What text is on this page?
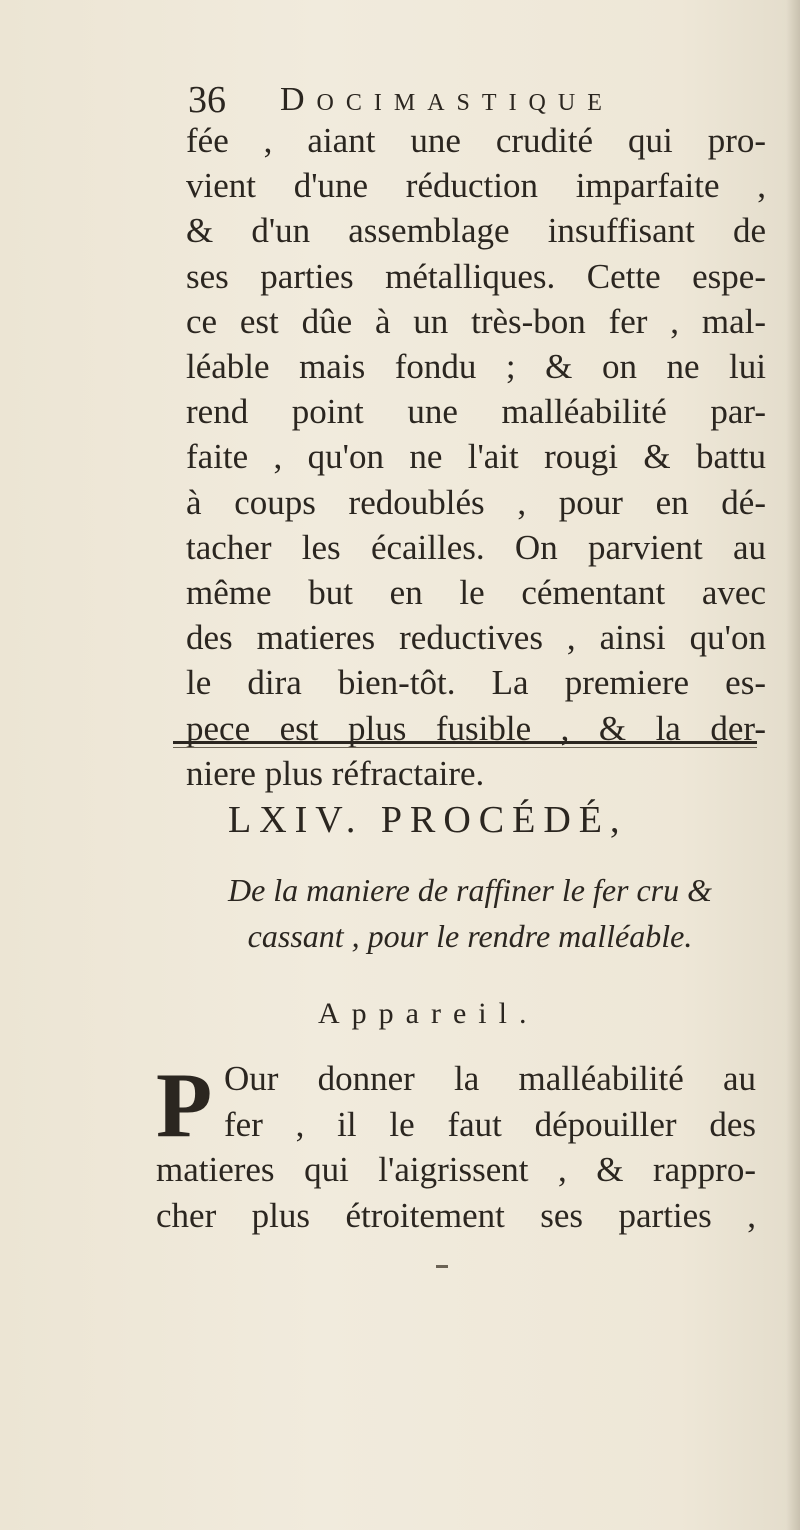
36 Docimastique
fée , aiant une crudité qui pro-
vient d'une réduction imparfaite ,
& d'un assemblage insuffisant de
ses parties métalliques. Cette espe-
ce est dûe à un très-bon fer , mal-
léable mais fondu ; & on ne lui
rend point une malléabilité par-
faite , qu'on ne l'ait rougi & battu
à coups redoublés , pour en dé-
tacher les écailles. On parvient au
même but en le cémentant avec
des matieres reductives , ainsi qu'on
le dira bien-tôt. La premiere es-
pece est plus fusible , & la der-
niere plus réfractaire.
LXIV. PROCÉDÉ,
De la maniere de raffiner le fer cru &
cassant , pour le rendre malléable.
Appareil.
P Our donner la malléabilité au
fer , il le faut dépouiller des
matieres qui l'aigrissent , & rappro-
cher plus étroitement ses parties ,
